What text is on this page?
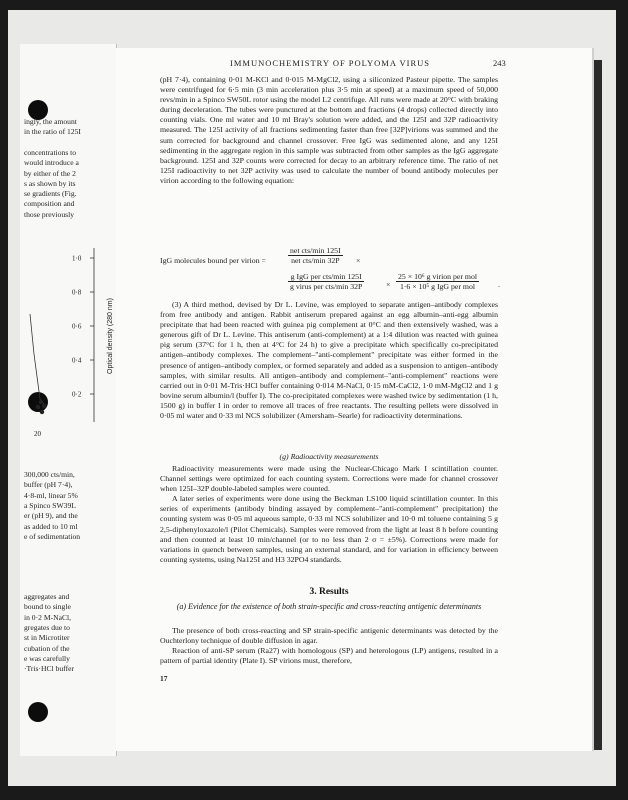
ingly, the amount
in the ratio of 125I
concentrations to
would introduce a
by either of the 2
s as shown by its
se gradients (Fig.
composition and
those previously
1·0
0·8
0·6
0·4
0·2
Optical density (280 nm)
20
300,000 cts/min,
buffer (pH 7·4),
4·8-ml, linear 5%
a Spinco SW39L
er (pH 9), and the
as added to 10 ml
e of sedimentation
aggregates and
bound to single
in 0·2 M-NaCl,
gregates due to
st in Microtiter
cubation of the
e was carefully
·Tris·HCl buffer
IMMUNOCHEMISTRY OF POLYOMA VIRUS	243

(pH 7·4), containing 0·01 M-KCl and 0·015 M-MgCl2, using a siliconized Pasteur pipette. The samples were centrifuged for 6·5 min (3 min acceleration plus 3·5 min at speed) at a maximum speed of 50,000 revs/min in a Spinco SW50L rotor using the model L2 centrifuge. All runs were made at 20°C with braking during deceleration. The tubes were punctured at the bottom and fractions (4 drops) collected directly into counting vials. One ml water and 10 ml Bray's solution were added, and the 125I and 32P radioactivity measured. The 125I activity of all fractions sedimenting faster than free [32P]virions was summed and the sum corrected for background and channel crossover. Free IgG was sedimented alone, and any 125I sedimenting in the aggregate region in this sample was subtracted from other samples as the IgG aggregate background. 125I and 32P counts were corrected for decay to an arbitrary reference time. The ratio of net 125I radioactivity to net 32P activity was used to calculate the number of bound antibody molecules per virion according to the following equation:

IgG molecules bound per virion =
net cts/min 125I
net cts/min 32P	×
g IgG per cts/min 125I
g virus per cts/min 32P	×
25 × 10⁶ g virion per mol
1·6 × 10⁵ g IgG per mol	.

(3) A third method, devised by Dr L. Levine, was employed to separate antigen–antibody complexes from free antibody and antigen. Rabbit antiserum prepared against an egg albumin–anti-egg albumin precipitate that had been reacted with guinea pig complement at 0°C and then extensively washed, was a generous gift of Dr L. Levine. This antiserum (anti-complement) at a 1:4 dilution was reacted with guinea pig serum (37°C for 1 h, then at 4°C for 24 h) to give a precipitate which specifically co-precipitated antigen–antibody complexes. The complement–"anti-complement" precipitate was either formed in the presence of antigen–antibody complex, or formed separately and added as a suspension to antigen–antibody samples, with similar results. All antigen–antibody and complement–"anti-complement" reactions were carried out in 0·01 M-Tris·HCl buffer containing 0·014 M-NaCl, 0·15 mM-CaCl2, 1·0 mM-MgCl2 and 1 g bovine serum albumin/l (buffer I). The co-precipitated complexes were washed twice by sedimentation (1 h, 1500 g) in buffer I in order to remove all traces of free reactants. The resulting pellets were dissolved in 0·05 ml water and 0·33 ml NCS solubilizer (Amersham–Searle) for radioactivity determinations.

(g) Radioactivity measurements

Radioactivity measurements were made using the Nuclear-Chicago Mark I scintillation counter. Channel settings were optimized for each counting system. Corrections were made for channel crossover when 125I–32P double-labeled samples were counted.

A later series of experiments were done using the Beckman LS100 liquid scintillation counter. In this series of experiments (antibody binding assayed by complement–"anti-complement" precipitation) the counting system was 0·05 ml aqueous sample, 0·33 ml NCS solubilizer and 10·0 ml toluene containing 5 g 2,5-diphenyloxazole/l (Pilot Chemicals). Samples were removed from the light at least 8 h before counting and then counted at least 10 min/channel (or to no less than 2 σ = ±5%). Corrections were made for variations in quench between samples, using an external standard, and for variation in efficiency between counting systems, using Na125I and H3 32PO4 standards.

3. Results
(a) Evidence for the existence of both strain-specific and cross-reacting antigenic determinants

The presence of both cross-reacting and SP strain-specific antigenic determinants was detected by the Ouchterlony technique of double diffusion in agar.

Reaction of anti-SP serum (Ra27) with homologous (SP) and heterologous (LP) antigens, resulted in a pattern of partial identity (Plate I). SP virions must, therefore,

17
